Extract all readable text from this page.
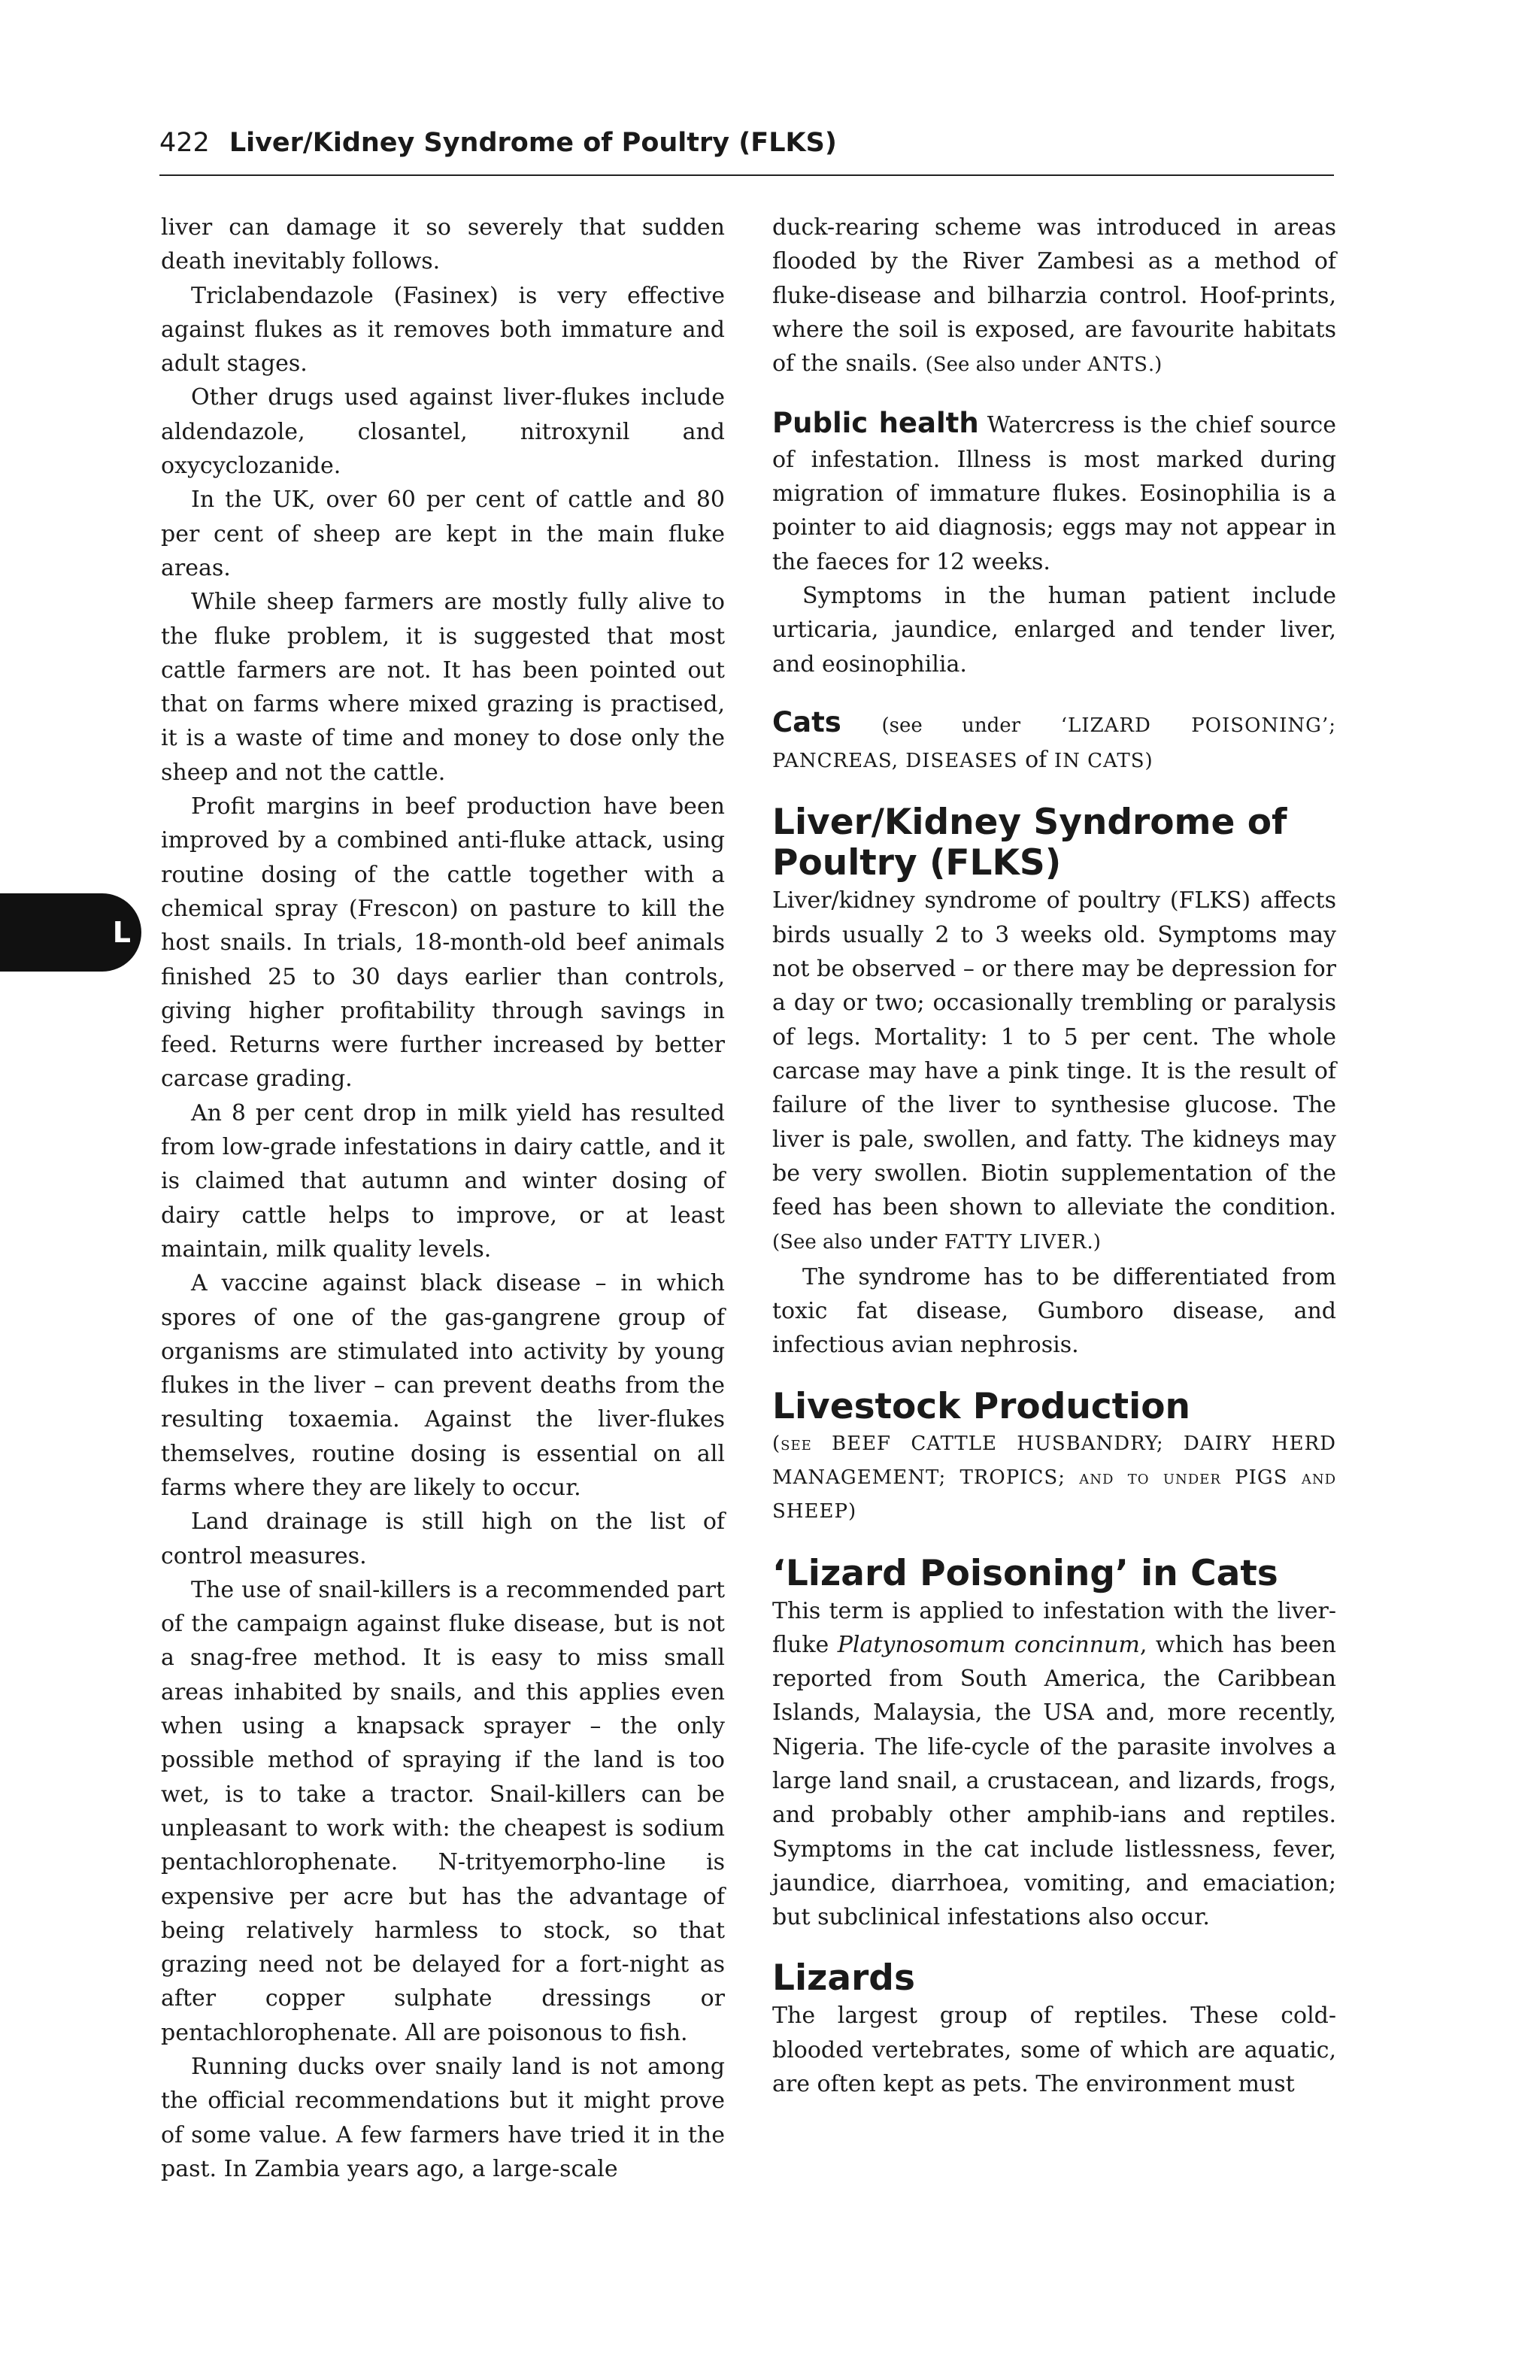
422 Liver/Kidney Syndrome of Poultry (FLKS)
L

liver can damage it so severely that sudden death inevitably follows.

Triclabendazole (Fasinex) is very effective against flukes as it removes both immature and adult stages.

Other drugs used against liver-flukes include aldendazole, closantel, nitroxynil and oxycyclozanide.

In the UK, over 60 per cent of cattle and 80 per cent of sheep are kept in the main fluke areas.

While sheep farmers are mostly fully alive to the fluke problem, it is suggested that most cattle farmers are not. It has been pointed out that on farms where mixed grazing is practised, it is a waste of time and money to dose only the sheep and not the cattle.

Profit margins in beef production have been improved by a combined anti-fluke attack, using routine dosing of the cattle together with a chemical spray (Frescon) on pasture to kill the host snails. In trials, 18-month-old beef animals finished 25 to 30 days earlier than controls, giving higher profitability through savings in feed. Returns were further increased by better carcase grading.

An 8 per cent drop in milk yield has resulted from low-grade infestations in dairy cattle, and it is claimed that autumn and winter dosing of dairy cattle helps to improve, or at least maintain, milk quality levels.

A vaccine against black disease – in which spores of one of the gas-gangrene group of organisms are stimulated into activity by young flukes in the liver – can prevent deaths from the resulting toxaemia. Against the liver-flukes themselves, routine dosing is essential on all farms where they are likely to occur.

Land drainage is still high on the list of control measures.

The use of snail-killers is a recommended part of the campaign against fluke disease, but is not a snag-free method. It is easy to miss small areas inhabited by snails, and this applies even when using a knapsack sprayer – the only possible method of spraying if the land is too wet, is to take a tractor. Snail-killers can be unpleasant to work with: the cheapest is sodium pentachlorophenate. N-trityemorpho-line is expensive per acre but has the advantage of being relatively harmless to stock, so that grazing need not be delayed for a fort-night as after copper sulphate dressings or pentachlorophenate. All are poisonous to fish.

Running ducks over snaily land is not among the official recommendations but it might prove of some value. A few farmers have tried it in the past. In Zambia years ago, a large-scale

duck-rearing scheme was introduced in areas flooded by the River Zambesi as a method of fluke-disease and bilharzia control. Hoof-prints, where the soil is exposed, are favourite habitats of the snails. (See also under ANTS.)

Public health Watercress is the chief source of infestation. Illness is most marked during migration of immature flukes. Eosinophilia is a pointer to aid diagnosis; eggs may not appear in the faeces for 12 weeks.

Symptoms in the human patient include urticaria, jaundice, enlarged and tender liver, and eosinophilia.

Cats (see under ‘LIZARD POISONING’; PANCREAS, DISEASES of IN CATS)

Liver/Kidney Syndrome of Poultry (FLKS)

Liver/kidney syndrome of poultry (FLKS) affects birds usually 2 to 3 weeks old. Symptoms may not be observed – or there may be depression for a day or two; occasionally trembling or paralysis of legs. Mortality: 1 to 5 per cent. The whole carcase may have a pink tinge. It is the result of failure of the liver to synthesise glucose. The liver is pale, swollen, and fatty. The kidneys may be very swollen. Biotin supplementation of the feed has been shown to alleviate the condition. (See also under FATTY LIVER.)

The syndrome has to be differentiated from toxic fat disease, Gumboro disease, and infectious avian nephrosis.

Livestock Production

(see BEEF CATTLE HUSBANDRY; DAIRY HERD MANAGEMENT; TROPICS; and to under PIGS and SHEEP)

‘Lizard Poisoning’ in Cats

This term is applied to infestation with the liver-fluke Platynosomum concinnum, which has been reported from South America, the Caribbean Islands, Malaysia, the USA and, more recently, Nigeria. The life-cycle of the parasite involves a large land snail, a crustacean, and lizards, frogs, and probably other amphib-ians and reptiles. Symptoms in the cat include listlessness, fever, jaundice, diarrhoea, vomiting, and emaciation; but subclinical infestations also occur.

Lizards

The largest group of reptiles. These cold-blooded vertebrates, some of which are aquatic, are often kept as pets. The environment must
